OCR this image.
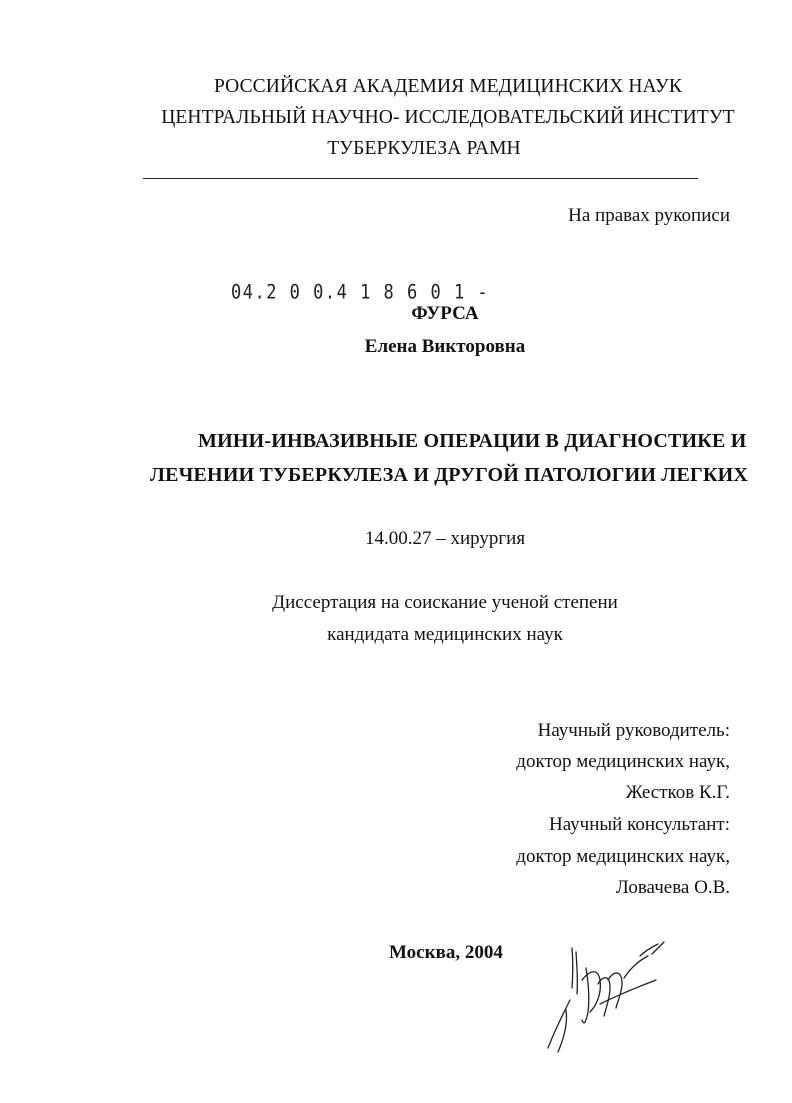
РОССИЙСКАЯ АКАДЕМИЯ МЕДИЦИНСКИХ НАУК
ЦЕНТРАЛЬНЫЙ НАУЧНО- ИССЛЕДОВАТЕЛЬСКИЙ ИНСТИТУТ
ТУБЕРКУЛЕЗА РАМН
На правах рукописи
04.2 0 0.4 1 8 6 0 1 -
ФУРСА
Елена Викторовна
МИНИ-ИНВАЗИВНЫЕ ОПЕРАЦИИ В ДИАГНОСТИКЕ И
ЛЕЧЕНИИ ТУБЕРКУЛЕЗА И ДРУГОЙ ПАТОЛОГИИ ЛЕГКИХ
14.00.27 – хирургия
Диссертация на соискание ученой степени
кандидата медицинских наук
Научный руководитель:
доктор медицинских наук,
Жестков К.Г.
Научный консультант:
доктор медицинских наук,
Ловачева О.В.
Москва, 2004
